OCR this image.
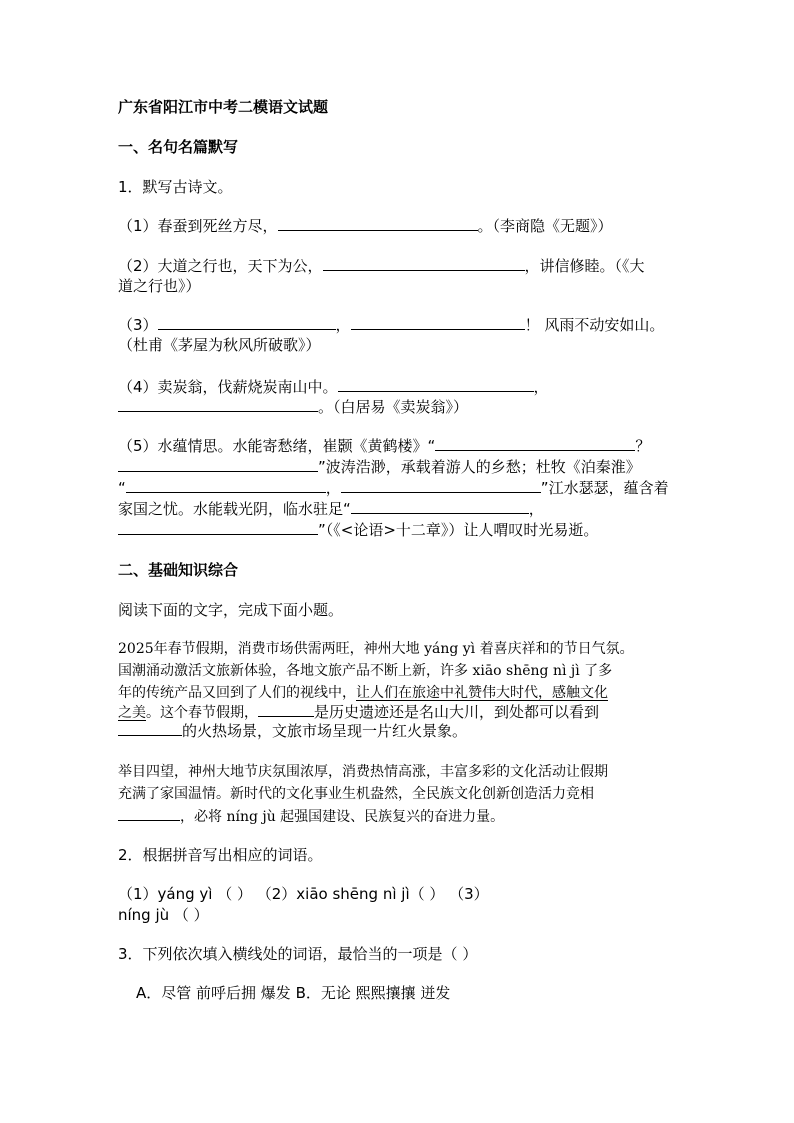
广东省阳江市中考二模语文试题
一、名句名篇默写
1．默写古诗文。
（1）春蚕到死丝方尽，	。（李商隐《无题》）
（2）大道之行也，天下为公，	，讲信修睦。（《大
道之行也》）
（3）	，	！ 风雨不动安如山。
（杜甫《茅屋为秋风所破歌》）
（4）卖炭翁，伐薪烧炭南山中。	，
。（白居易《卖炭翁》）
（5）水蕴情思。水能寄愁绪，崔颢《黄鹤楼》“	？
”波涛浩渺，承载着游人的乡愁；杜牧《泊秦淮》
“	，	”江水瑟瑟，蕴含着
家国之忧。水能载光阴，临水驻足“	，
”（《<论语>十二章》）让人喟叹时光易逝。
二、基础知识综合
阅读下面的文字，完成下面小题。
2025年春节假期，消费市场供需两旺，神州大地 yáng yì 着喜庆祥和的节日气氛。
国潮涌动激活文旅新体验，各地文旅产品不断上新，许多 xiāo shēng nì jì 了多
年的传统产品又回到了人们的视线中，让人们在旅途中礼赞伟大时代，感触文化
之美。这个春节假期，	是历史遗迹还是名山大川，到处都可以看到
的火热场景，文旅市场呈现一片红火景象。
举目四望，神州大地节庆氛围浓厚，消费热情高涨，丰富多彩的文化活动让假期
充满了家国温情。新时代的文化事业生机盎然，全民族文化创新创造活力竞相
，必将 níng jù 起强国建设、民族复兴的奋进力量。
2．根据拼音写出相应的词语。
（1）yáng yì （ ） （2）xiāo shēng nì jì（ ） （3）
níng jù （ ）
3．下列依次填入横线处的词语，最恰当的一项是（ ）
A．尽管 前呼后拥 爆发 B．无论 熙熙攘攘 迸发
